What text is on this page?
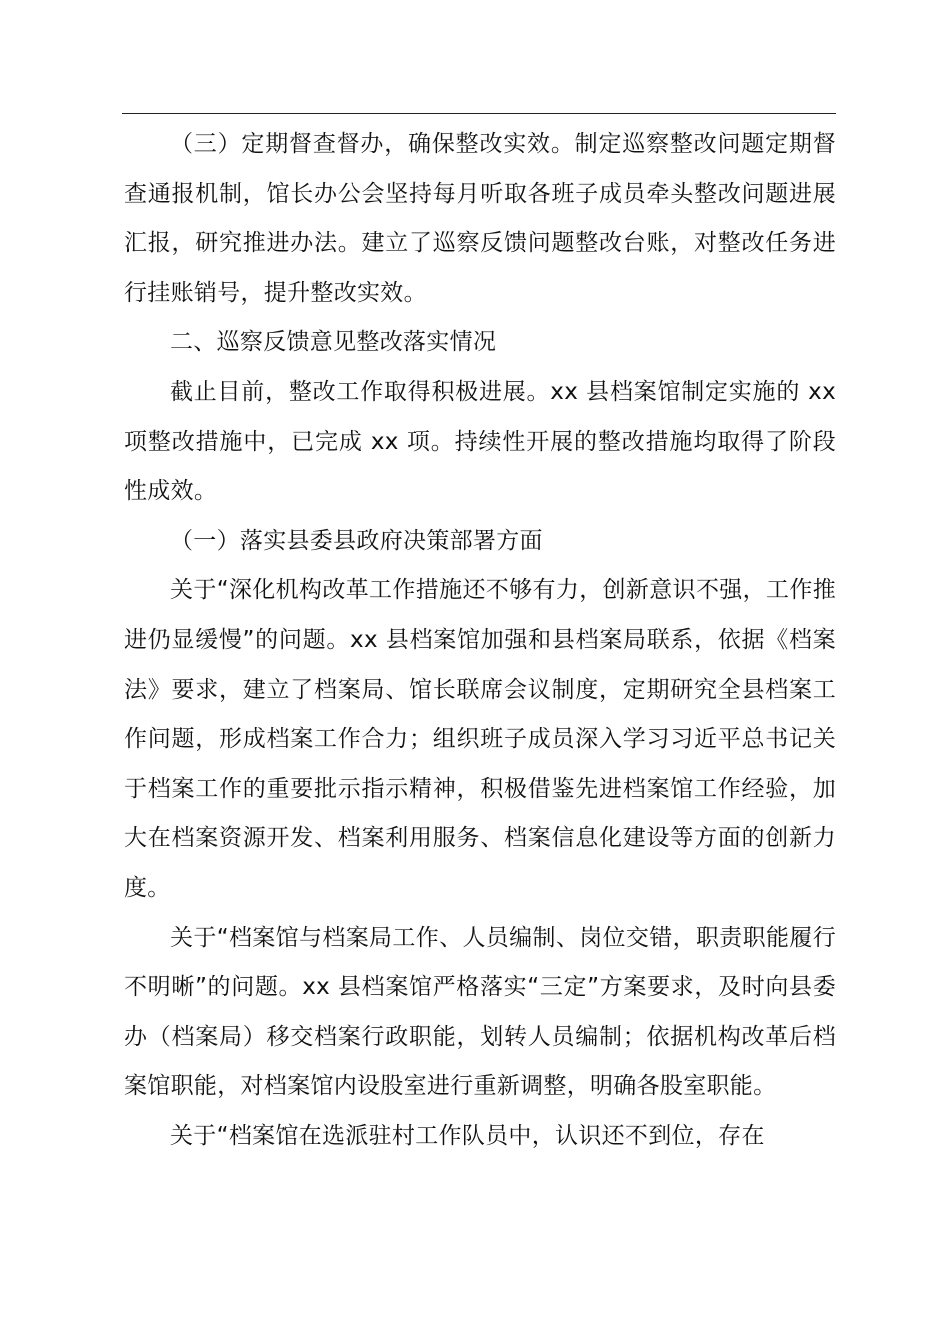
（三）定期督查督办，确保整改实效。制定巡察整改问题定期督查通报机制，馆长办公会坚持每月听取各班子成员牵头整改问题进展汇报，研究推进办法。建立了巡察反馈问题整改台账，对整改任务进行挂账销号，提升整改实效。

二、巡察反馈意见整改落实情况

截止目前，整改工作取得积极进展。xx 县档案馆制定实施的 xx 项整改措施中，已完成 xx 项。持续性开展的整改措施均取得了阶段性成效。

（一）落实县委县政府决策部署方面

关于“深化机构改革工作措施还不够有力，创新意识不强，工作推进仍显缓慢”的问题。xx 县档案馆加强和县档案局联系，依据《档案法》要求，建立了档案局、馆长联席会议制度，定期研究全县档案工作问题，形成档案工作合力；组织班子成员深入学习习近平总书记关于档案工作的重要批示指示精神，积极借鉴先进档案馆工作经验，加大在档案资源开发、档案利用服务、档案信息化建设等方面的创新力度。

关于“档案馆与档案局工作、人员编制、岗位交错，职责职能履行不明晰”的问题。xx 县档案馆严格落实“三定”方案要求，及时向县委办（档案局）移交档案行政职能，划转人员编制；依据机构改革后档案馆职能，对档案馆内设股室进行重新调整，明确各股室职能。

关于“档案馆在选派驻村工作队员中，认识还不到位，存在
